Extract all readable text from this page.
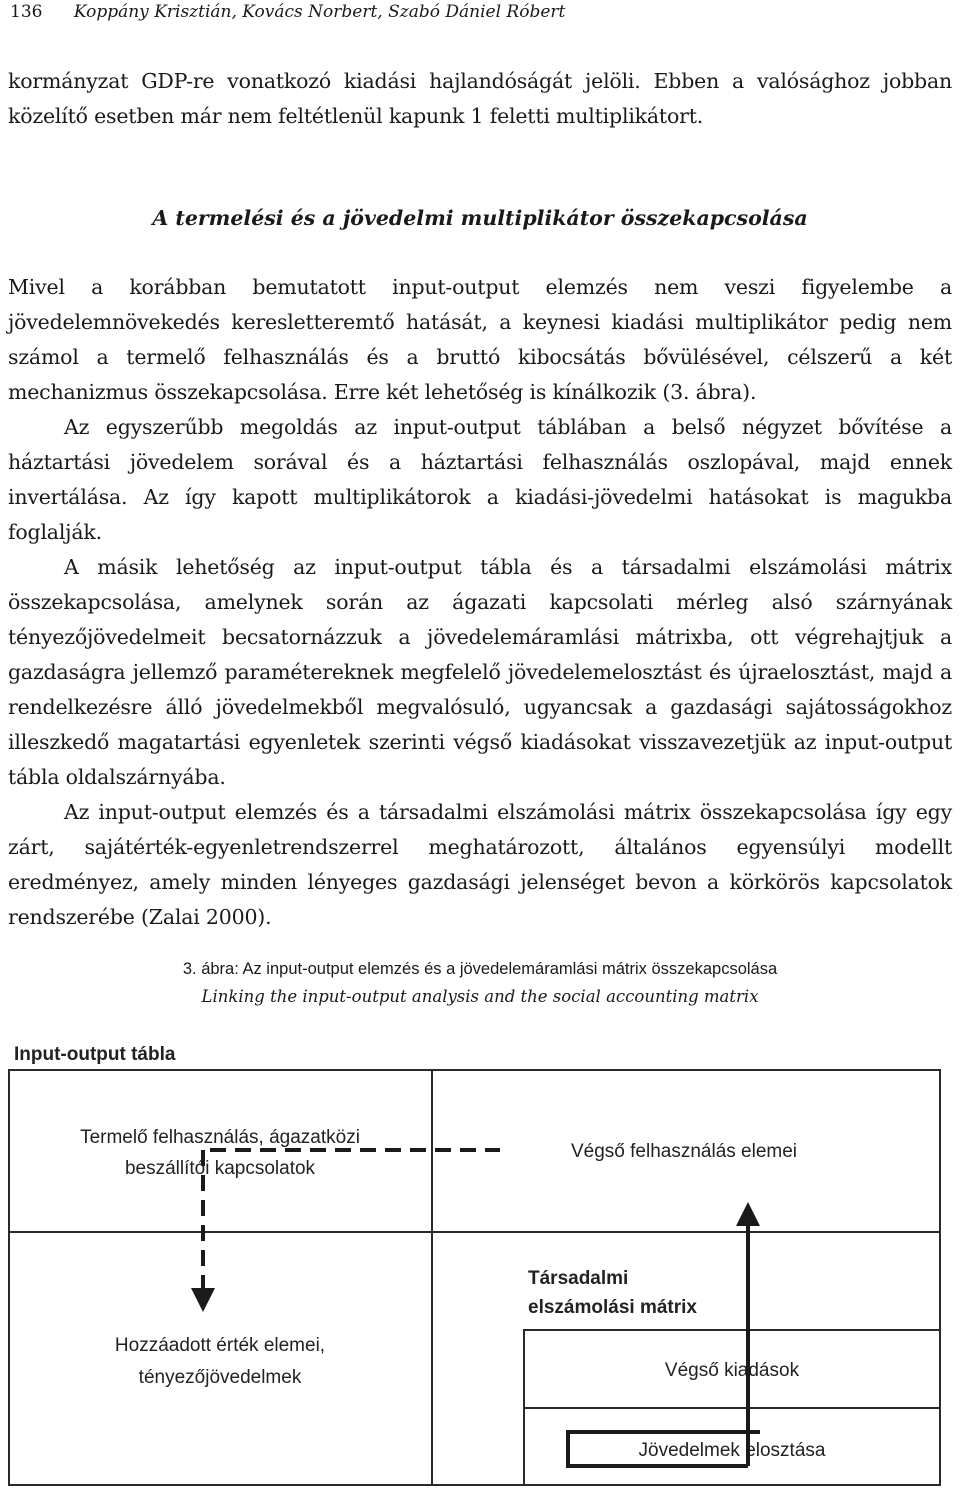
136 Koppány Krisztián, Kovács Norbert, Szabó Dániel Róbert

kormányzat GDP-re vonatkozó kiadási hajlandóságát jelöli. Ebben a valósághoz jobban közelítő esetben már nem feltétlenül kapunk 1 feletti multiplikátort.

A termelési és a jövedelmi multiplikátor összekapcsolása

Mivel a korábban bemutatott input-output elemzés nem veszi figyelembe a jövedelemnövekedés keresletteremtő hatását, a keynesi kiadási multiplikátor pedig nem számol a termelő felhasználás és a bruttó kibocsátás bővülésével, célszerű a két mechanizmus összekapcsolása. Erre két lehetőség is kínálkozik (3. ábra).

Az egyszerűbb megoldás az input-output táblában a belső négyzet bővítése a háztartási jövedelem sorával és a háztartási felhasználás oszlopával, majd ennek invertálása. Az így kapott multiplikátorok a kiadási-jövedelmi hatásokat is magukba foglalják.

A másik lehetőség az input-output tábla és a társadalmi elszámolási mátrix összekapcsolása, amelynek során az ágazati kapcsolati mérleg alsó szárnyának tényezőjövedelmeit becsatornázzuk a jövedelemáramlási mátrixba, ott végrehajtjuk a gazdaságra jellemző paramétereknek megfelelő jövedelemelosztást és újraelosztást, majd a rendelkezésre álló jövedelmekből megvalósuló, ugyancsak a gazdasági sajátosságokhoz illeszkedő magatartási egyenletek szerinti végső kiadásokat visszavezetjük az input-output tábla oldalszárnyába.

Az input-output elemzés és a társadalmi elszámolási mátrix összekapcsolása így egy zárt, sajátérték-egyenletrendszerrel meghatározott, általános egyensúlyi modellt eredményez, amely minden lényeges gazdasági jelenséget bevon a körkörös kapcsolatok rendszerébe (Zalai 2000).

3. ábra: Az input-output elemzés és a jövedelemáramlási mátrix összekapcsolása
Linking the input-output analysis and the social accounting matrix
Input-output tábla
Termelő felhasználás, ágazatközi
beszállítói kapcsolatok
Végső felhasználás elemei
Hozzáadott érték elemei,
tényezőjövedelmek
Társadalmi
elszámolási mátrix
Végső kiadások
Jövedelmek elosztása
